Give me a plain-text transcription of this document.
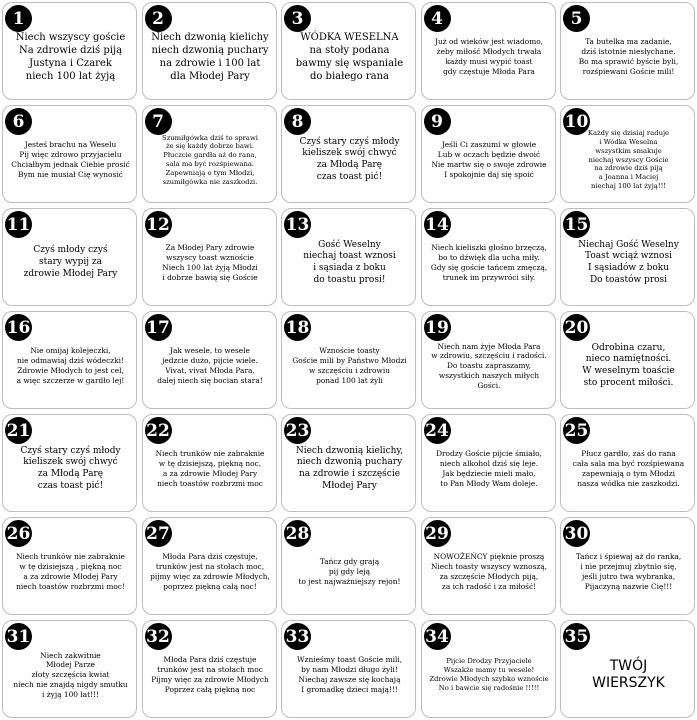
1
Niech wszyscy goście
Na zdrowie dziś piją
Justyna i Czarek
niech 100 lat żyją
2
Niech dzwonią kielichy
niech dzwonią puchary
na zdrowie i 100 lat
dla Młodej Pary
3
WÓDKA WESELNA
na stoły podana
bawmy się wspaniale
do białego rana
4
Już od wieków jest wiadomo,
żeby miłość Młodych trwała
każdy musi wypić toast
gdy częstuje Młoda Para
5
Ta butelka ma zadanie,
dziś istotnie niesłychane.
Bo ma sprawić byście byli,
rozśpiewani Goście mili!
6
Jesteś brachu na Weselu
Pij więc zdrowo przyjacielu
Chciałbym jednak Ciebie prosić
Bym nie musiał Cię wynosić
7
Szumiłgówka dziś to sprawi
że się każdy dobrze bawi.
Płuczcie gardła aż do rana,
sala ma być rozśpiewana.
Zapewniają o tym Młodzi,
szumiłgówka nie zaszkodzi.
8
Czyś stary czyś młody
kieliszek swój chwyć
za Młodą Parę
czas toast pić!
9
Jeśli Ci zaszumi w głowie
Lub w oczach będzie dwoić
Nie martw się o swoje zdrowie
I spokojnie daj się spoić
10
Każdy się dzisiaj raduje
i Wódka Weselna
wszystkim smakuje
niechaj wszyscy Goście
na zdrowie dziś piją
a Joanna i Maciej
niechaj 100 lat żyją!!!
11
Czyś młody czyś
stary wypij za
zdrowie Młodej Pary
12
Za Młodej Pary zdrowie
wszyscy toast wznoście
Niech 100 lat żyją Młodzi
i dobrze bawią się Goście
13
Gość Weselny
niechaj toast wznosi
i sąsiada z boku
do toastu prosi!
14
Niech kieliszki głośno brzęczą,
bo to dźwięk dla ucha miły.
Gdy się goście tańcem zmęczą,
trunek im przywróci siły.
15
Niechaj Gość Weselny
Toast wciąż wznosi
I sąsiadów z boku
Do toastów prosi
16
Nie omijaj kolejeczki,
nie odmawiaj dziś wódeczki!
Zdrowie Młodych to jest cel,
a więc szczerze w gardło lej!
17
Jak wesele, to wesele
jedzcie dużo, pijcie wiele.
Vivat, vivat Młoda Para,
dalej niech się bocian stara!
18
Wznoście toasty
Goście mili by Państwo Młodzi
w szczęściu i zdrowiu
ponad 100 lat żyli
19
Niech nam żyje Młoda Para
w zdrowiu, szczęściu i radości.
Do toastu zapraszamy,
wszystkich naszych miłych
Gości.
20
Odrobina czaru,
nieco namiętności.
W weselnym toaście
sto procent miłości.
21
Czyś stary czyś młody
kieliszek swój chwyć
za Młodą Parę
czas toast pić!
22
Niech trunków nie zabraknie
w tę dzisiejszą, piękną noc,
a za zdrowie Młodej Pary
niech toastów rozbrzmi moc
23
Niech dzwonią kielichy,
niech dzwonią puchary
na zdrowie i szczęście
Młodej Pary
24
Drodzy Goście pijcie śmiało,
niech alkohol dziś się leje.
Jak będziecie mieli mało,
to Pan Młody Wam doleje.
25
Płucz gardło, zaś do rana
cała sala ma być rozśpiewana
zapewniają o tym Młodzi
nasza wódka nie zaszkodzi.
26
Niech trunków nie zabraknie
w tę dzisiejszą , piękną noc
a za zdrowie Młodej Pary
niech toastów rozbrzmi moc!
27
Młoda Para dziś częstuje,
trunków jest na stołach moc,
pijmy więc za zdrowie Młodych,
poprzez piękną całą noc!
28
Tańcz gdy grają
pij gdy leją
to jest najważniejszy rejon!
29
NOWOŻEŃCY pięknie proszą
Niech toasty wszyscy wznoszą,
za szczęście Młodych piją,
za ich radość i za miłość!
30
Tańcz i śpiewaj aż do ranka,
i nie przejmuj zbytnio się,
jeśli jutro twa wybranka,
Pijaczyną nazwie Cię!!!
31
Niech zakwitnie
Młodej Parze
złoty szczęścia kwiat
niech nie znajdą nigdy smutku
i żyją 100 lat!!!
32
Młoda Para dziś częstuje
trunków jest na stołach moc
Pijmy więc za zdrowie Młodych
Poprzez całą piękną noc
33
Wznieśmy toast Goście mili,
by nam Młodzi długo żyli!
Niechaj zawsze się kochają
I gromadkę dzieci mają!!!
34
Pijcie Drodzy Przyjaciele
Wszakże mamy tu wesele!
Zdrowie Młodych szybko wznoście
No i bawcie się radośnie !!!!!
35
TWÓJ
WIERSZYK
